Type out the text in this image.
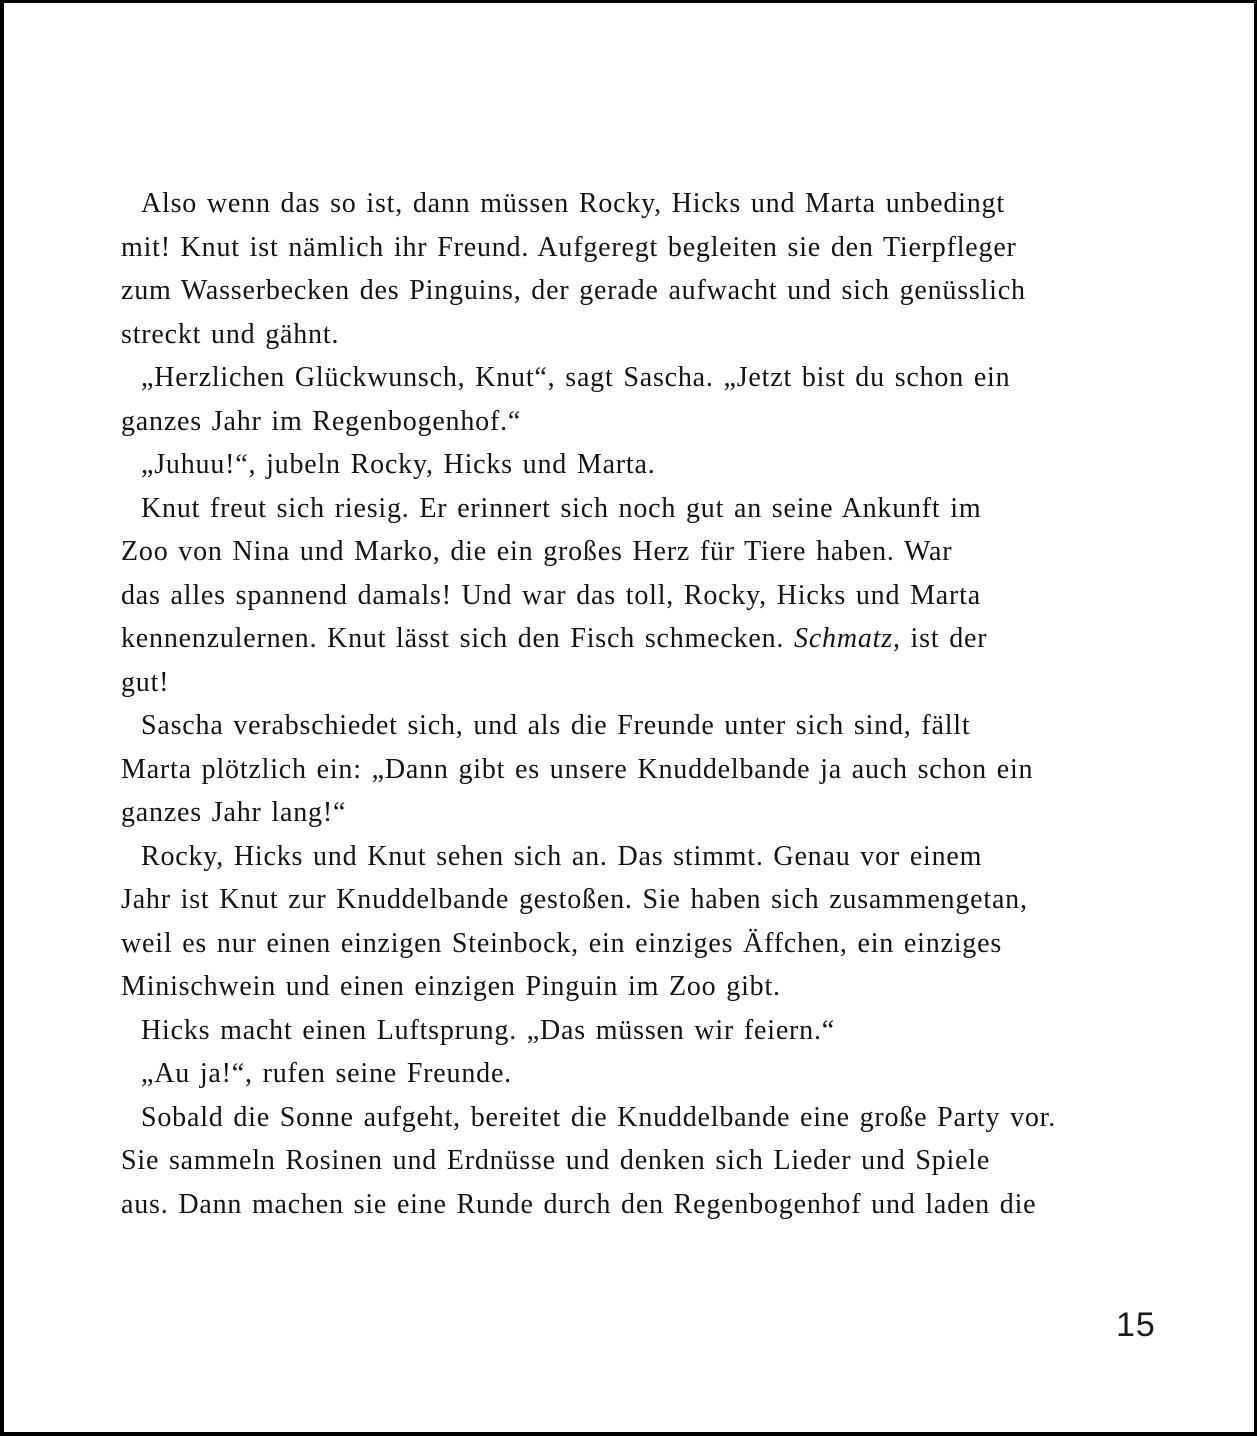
Also wenn das so ist, dann müssen Rocky, Hicks und Marta unbedingt
mit! Knut ist nämlich ihr Freund. Aufgeregt begleiten sie den Tierpfleger
zum Wasserbecken des Pinguins, der gerade aufwacht und sich genüsslich
streckt und gähnt.

„Herzlichen Glückwunsch, Knut“, sagt Sascha. „Jetzt bist du schon ein
ganzes Jahr im Regenbogenhof.“

„Juhuu!“, jubeln Rocky, Hicks und Marta.

Knut freut sich riesig. Er erinnert sich noch gut an seine Ankunft im
Zoo von Nina und Marko, die ein großes Herz für Tiere haben. War
das alles spannend damals! Und war das toll, Rocky, Hicks und Marta
kennenzulernen. Knut lässt sich den Fisch schmecken. Schmatz, ist der
gut!

Sascha verabschiedet sich, und als die Freunde unter sich sind, fällt
Marta plötzlich ein: „Dann gibt es unsere Knuddelbande ja auch schon ein
ganzes Jahr lang!“

Rocky, Hicks und Knut sehen sich an. Das stimmt. Genau vor einem
Jahr ist Knut zur Knuddelbande gestoßen. Sie haben sich zusammengetan,
weil es nur einen einzigen Steinbock, ein einziges Äffchen, ein einziges
Minischwein und einen einzigen Pinguin im Zoo gibt.

Hicks macht einen Luftsprung. „Das müssen wir feiern.“

„Au ja!“, rufen seine Freunde.

Sobald die Sonne aufgeht, bereitet die Knuddelbande eine große Party vor.
Sie sammeln Rosinen und Erdnüsse und denken sich Lieder und Spiele
aus. Dann machen sie eine Runde durch den Regenbogenhof und laden die

15
